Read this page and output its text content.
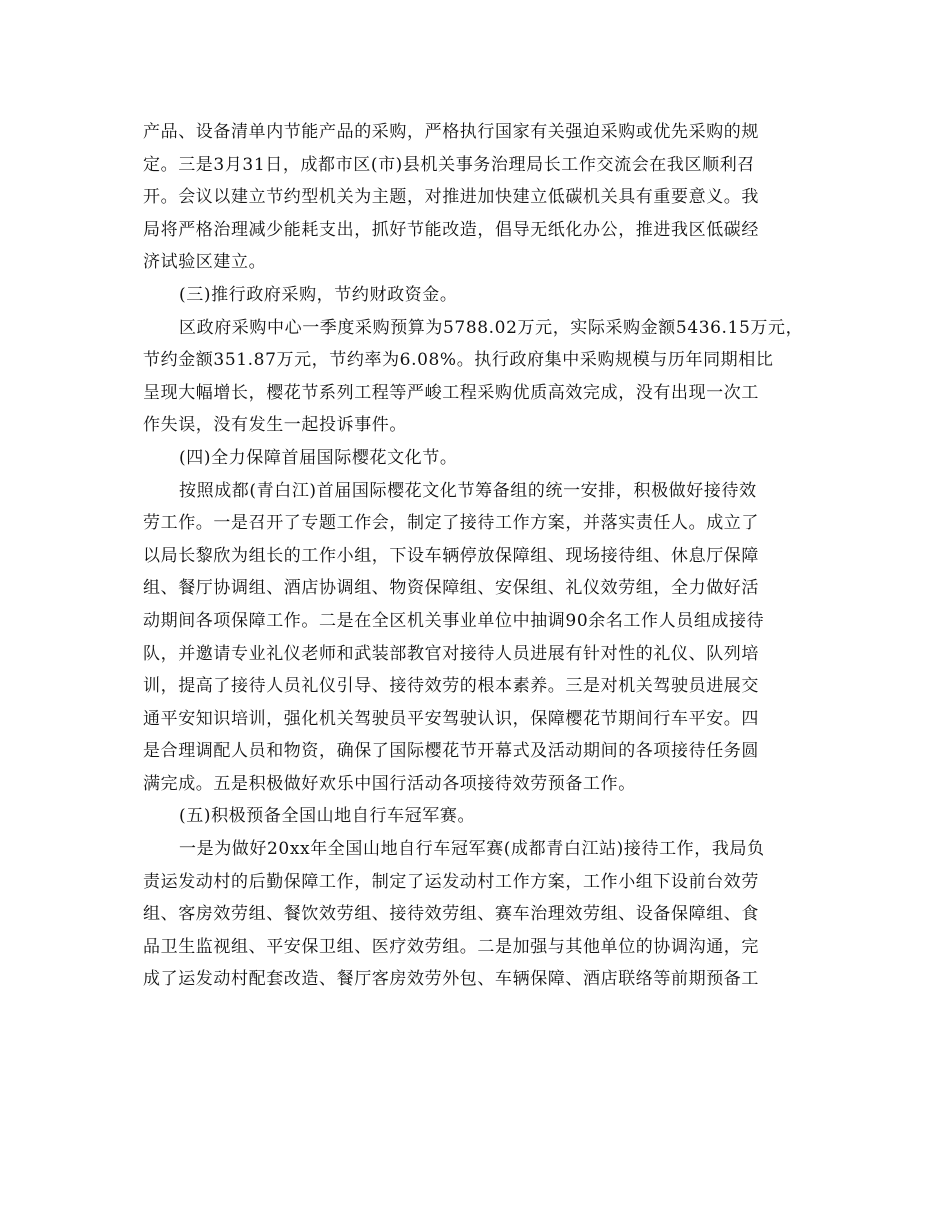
产品、设备清单内节能产品的采购，严格执行国家有关强迫采购或优先采购的规
定。三是3月31日，成都市区(市)县机关事务治理局长工作交流会在我区顺利召
开。会议以建立节约型机关为主题，对推进加快建立低碳机关具有重要意义。我
局将严格治理减少能耗支出，抓好节能改造，倡导无纸化办公，推进我区低碳经
济试验区建立。
(三)推行政府采购，节约财政资金。
区政府采购中心一季度采购预算为5788.02万元，实际采购金额5436.15万元，
节约金额351.87万元，节约率为6.08%。执行政府集中采购规模与历年同期相比
呈现大幅增长，樱花节系列工程等严峻工程采购优质高效完成，没有出现一次工
作失误，没有发生一起投诉事件。
(四)全力保障首届国际樱花文化节。
按照成都(青白江)首届国际樱花文化节筹备组的统一安排，积极做好接待效
劳工作。一是召开了专题工作会，制定了接待工作方案，并落实责任人。成立了
以局长黎欣为组长的工作小组，下设车辆停放保障组、现场接待组、休息厅保障
组、餐厅协调组、酒店协调组、物资保障组、安保组、礼仪效劳组，全力做好活
动期间各项保障工作。二是在全区机关事业单位中抽调90余名工作人员组成接待
队，并邀请专业礼仪老师和武装部教官对接待人员进展有针对性的礼仪、队列培
训，提高了接待人员礼仪引导、接待效劳的根本素养。三是对机关驾驶员进展交
通平安知识培训，强化机关驾驶员平安驾驶认识，保障樱花节期间行车平安。四
是合理调配人员和物资，确保了国际樱花节开幕式及活动期间的各项接待任务圆
满完成。五是积极做好欢乐中国行活动各项接待效劳预备工作。
(五)积极预备全国山地自行车冠军赛。
一是为做好20xx年全国山地自行车冠军赛(成都青白江站)接待工作，我局负
责运发动村的后勤保障工作，制定了运发动村工作方案，工作小组下设前台效劳
组、客房效劳组、餐饮效劳组、接待效劳组、赛车治理效劳组、设备保障组、食
品卫生监视组、平安保卫组、医疗效劳组。二是加强与其他单位的协调沟通，完
成了运发动村配套改造、餐厅客房效劳外包、车辆保障、酒店联络等前期预备工
